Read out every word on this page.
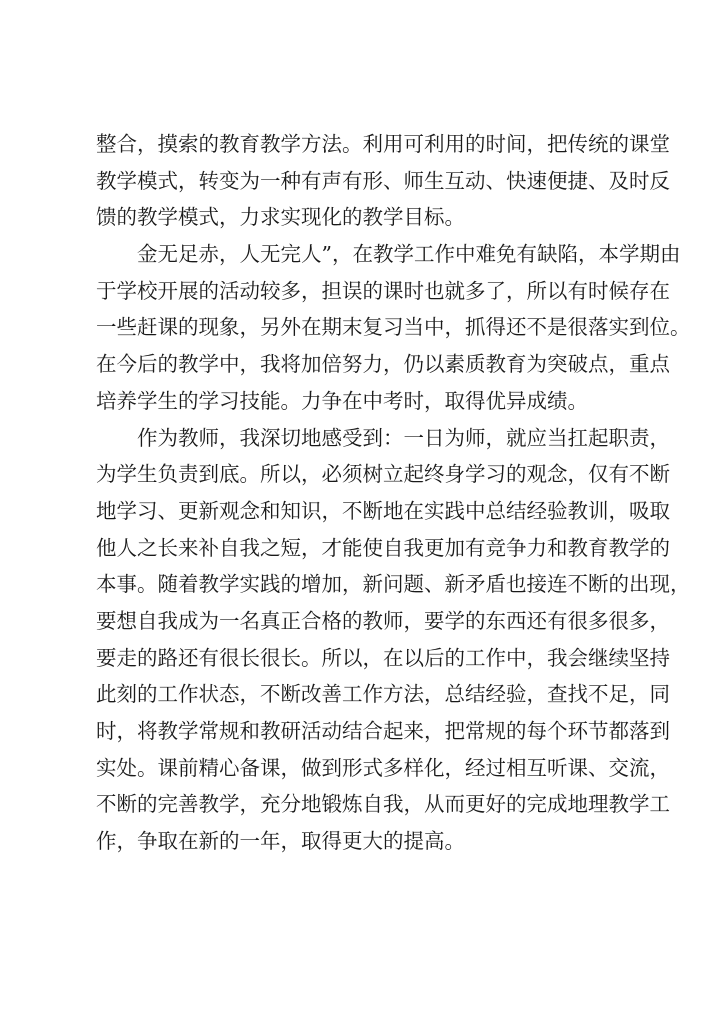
整合，摸索的教育教学方法。利用可利用的时间，把传统的课堂
教学模式，转变为一种有声有形、师生互动、快速便捷、及时反
馈的教学模式，力求实现化的教学目标。
金无足赤，人无完人”，在教学工作中难免有缺陷，本学期由
于学校开展的活动较多，担误的课时也就多了，所以有时候存在
一些赶课的现象，另外在期末复习当中，抓得还不是很落实到位。
在今后的教学中，我将加倍努力，仍以素质教育为突破点，重点
培养学生的学习技能。力争在中考时，取得优异成绩。
作为教师，我深切地感受到：一日为师，就应当扛起职责，
为学生负责到底。所以，必须树立起终身学习的观念，仅有不断
地学习、更新观念和知识，不断地在实践中总结经验教训，吸取
他人之长来补自我之短，才能使自我更加有竞争力和教育教学的
本事。随着教学实践的增加，新问题、新矛盾也接连不断的出现，
要想自我成为一名真正合格的教师，要学的东西还有很多很多，
要走的路还有很长很长。所以，在以后的工作中，我会继续坚持
此刻的工作状态，不断改善工作方法，总结经验，查找不足，同
时，将教学常规和教研活动结合起来，把常规的每个环节都落到
实处。课前精心备课，做到形式多样化，经过相互听课、交流，
不断的完善教学，充分地锻炼自我，从而更好的完成地理教学工
作，争取在新的一年，取得更大的提高。
